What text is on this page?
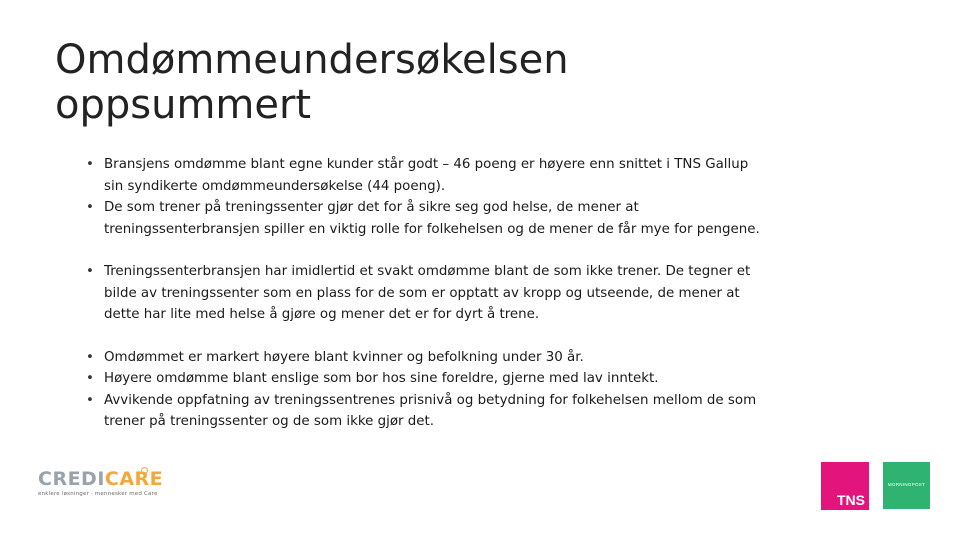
Omdømmeundersøkelsen
oppsummert
• Bransjens omdømme blant egne kunder står godt – 46 poeng er høyere enn snittet i TNS Gallup sin syndikerte omdømmeundersøkelse (44 poeng).
• De som trener på treningssenter gjør det for å sikre seg god helse, de mener at treningssenterbransjen spiller en viktig rolle for folkehelsen og de mener de får mye for pengene.
• Treningssenterbransjen har imidlertid et svakt omdømme blant de som ikke trener. De tegner et bilde av treningssenter som en plass for de som er opptatt av kropp og utseende, de mener at dette har lite med helse å gjøre og mener det er for dyrt å trene.
• Omdømmet er markert høyere blant kvinner og befolkning under 30 år.
• Høyere omdømme blant enslige som bor hos sine foreldre, gjerne med lav inntekt.
• Avvikende oppfatning av treningssentrenes prisnivå og betydning for folkehelsen mellom de som trener på treningssenter og de som ikke gjør det.
CREDICARE
enklere løsninger · mennesker med Care	TNS
MORNINGPOST
